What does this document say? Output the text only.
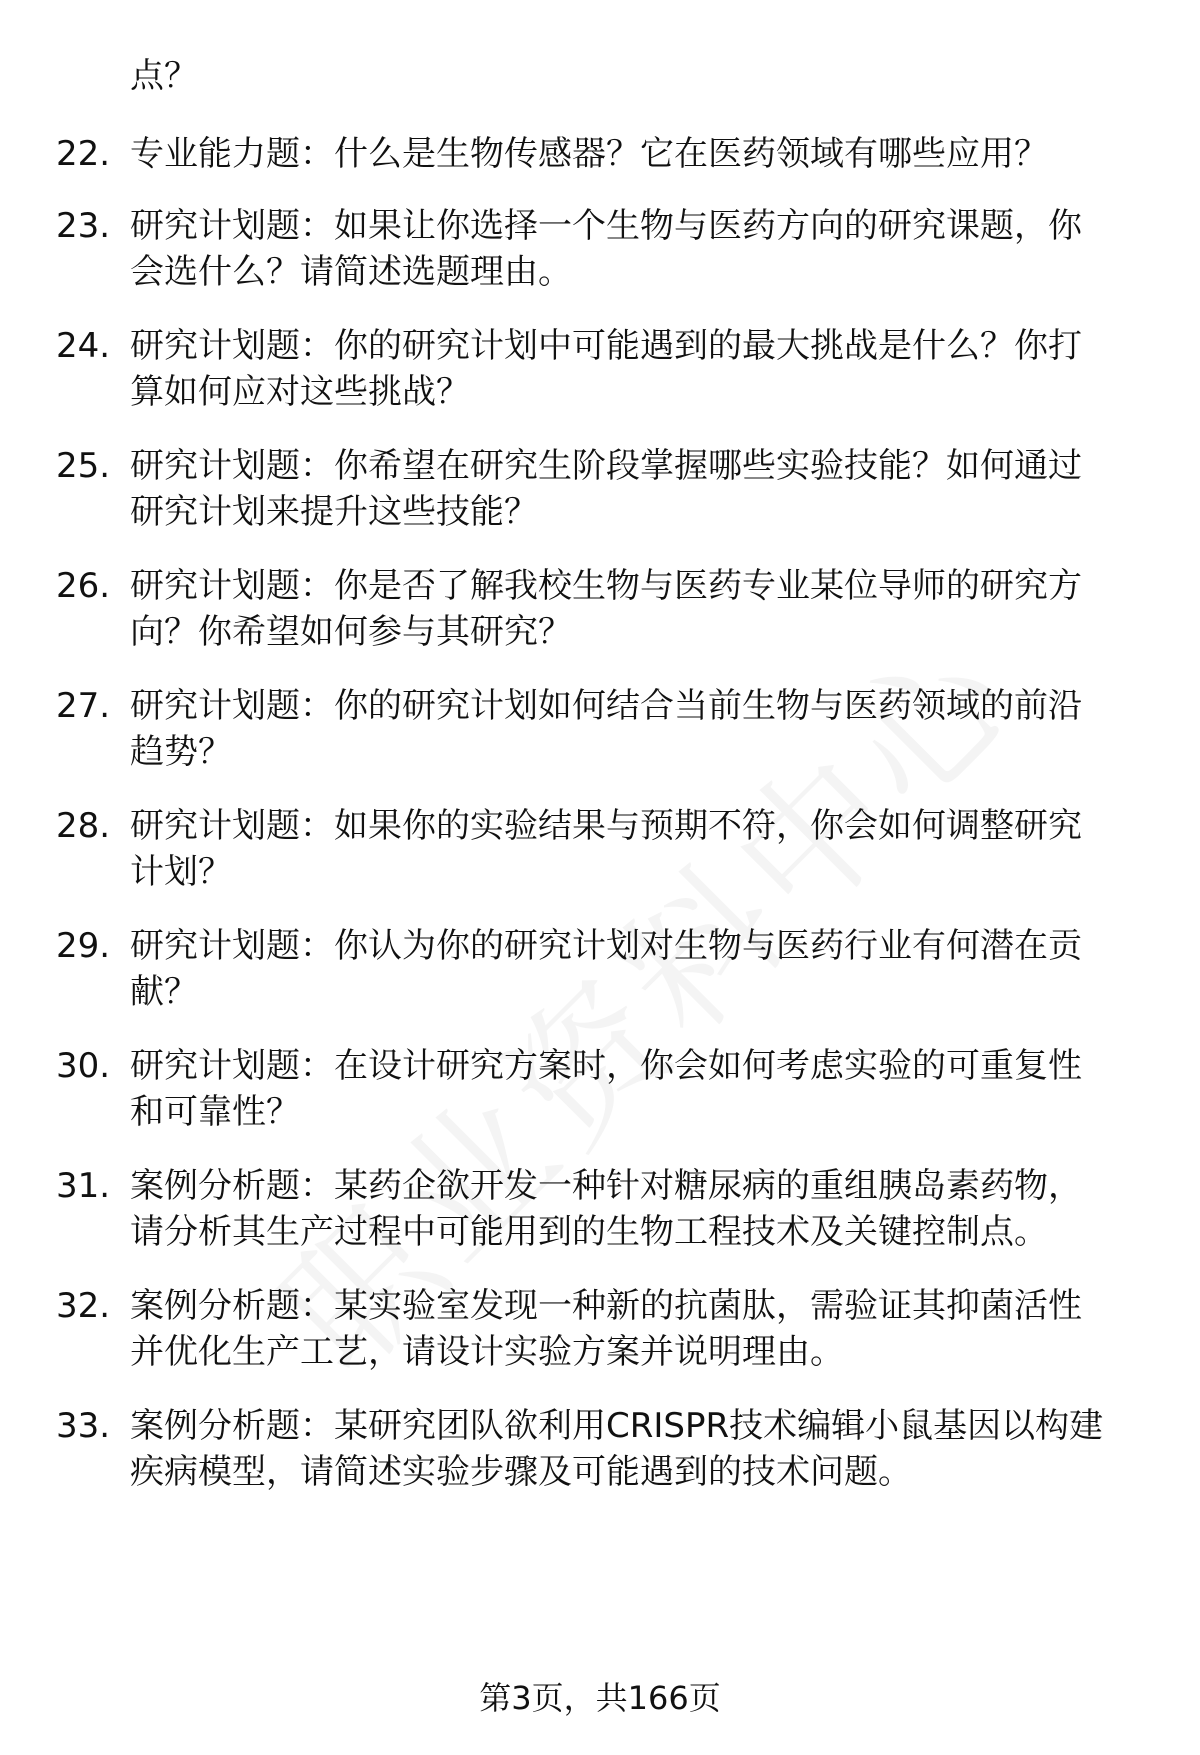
点？
22. 专业能力题：什么是生物传感器？它在医药领域有哪些应用？
23. 研究计划题：如果让你选择一个生物与医药方向的研究课题，你
会选什么？请简述选题理由。
24. 研究计划题：你的研究计划中可能遇到的最大挑战是什么？你打
算如何应对这些挑战？
25. 研究计划题：你希望在研究生阶段掌握哪些实验技能？如何通过
研究计划来提升这些技能？
26. 研究计划题：你是否了解我校生物与医药专业某位导师的研究方
向？你希望如何参与其研究？
27. 研究计划题：你的研究计划如何结合当前生物与医药领域的前沿
趋势？
28. 研究计划题：如果你的实验结果与预期不符，你会如何调整研究
计划？
29. 研究计划题：你认为你的研究计划对生物与医药行业有何潜在贡
献？
30. 研究计划题：在设计研究方案时，你会如何考虑实验的可重复性
和可靠性？
31. 案例分析题：某药企欲开发一种针对糖尿病的重组胰岛素药物，
请分析其生产过程中可能用到的生物工程技术及关键控制点。
32. 案例分析题：某实验室发现一种新的抗菌肽，需验证其抑菌活性
并优化生产工艺，请设计实验方案并说明理由。
33. 案例分析题：某研究团队欲利用CRISPR技术编辑小鼠基因以构建
疾病模型，请简述实验步骤及可能遇到的技术问题。
第3页，共166页
